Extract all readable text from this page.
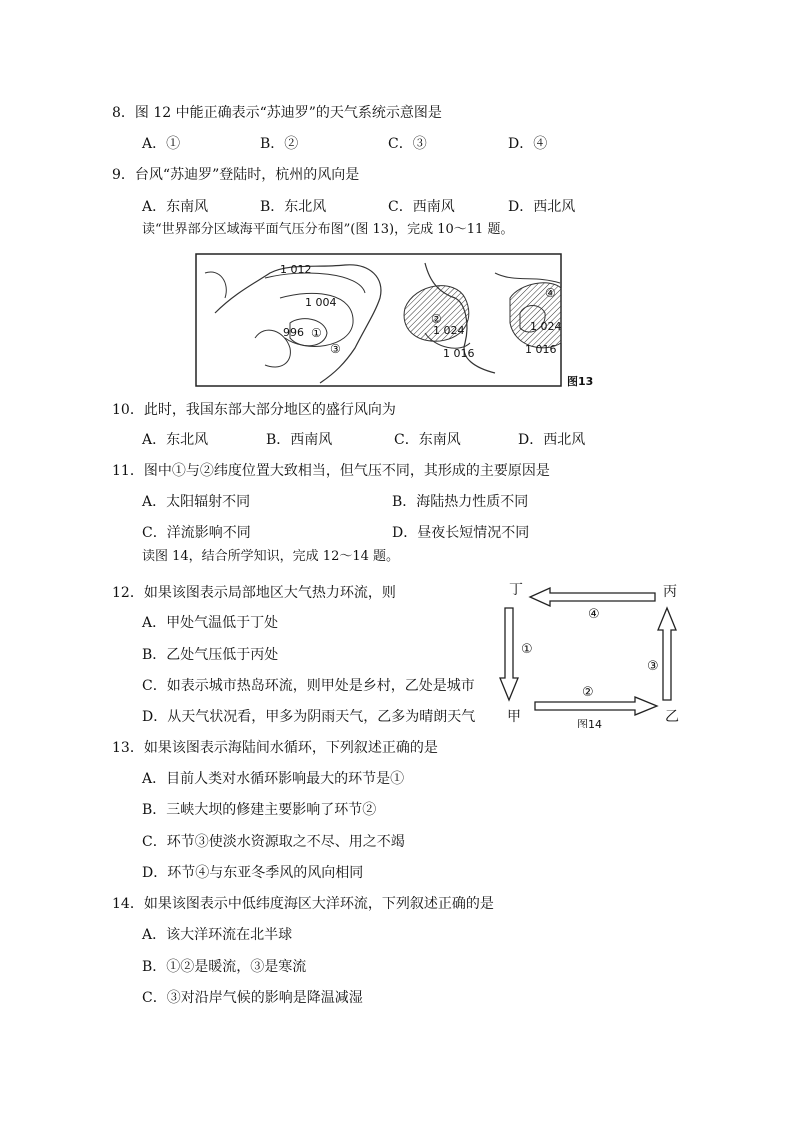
8．图 12 中能正确表示“苏迪罗”的天气系统示意图是
A．①	B．②	C．③	D．④
9．台风“苏迪罗”登陆时，杭州的风向是
A．东南风	B．东北风	C．西南风	D．西北风
读“世界部分区域海平面气压分布图”(图 13)，完成 10～11 题。
1 012
1 004
996 ①
②
1 024
1 016
③
④
1 024
1 016
图13
10．此时，我国东部大部分地区的盛行风向为
A．东北风	B．西南风	C．东南风	D．西北风
11．图中①与②纬度位置大致相当，但气压不同，其形成的主要原因是
A．太阳辐射不同	B．海陆热力性质不同
C．洋流影响不同	D．昼夜长短情况不同
读图 14，结合所学知识，完成 12～14 题。
丁	丙
甲	乙
④
①
③
②
图14
12．如果该图表示局部地区大气热力环流，则
A．甲处气温低于丁处
B．乙处气压低于丙处
C．如表示城市热岛环流，则甲处是乡村，乙处是城市
D．从天气状况看，甲多为阴雨天气，乙多为晴朗天气
13．如果该图表示海陆间水循环，下列叙述正确的是
A．目前人类对水循环影响最大的环节是①
B．三峡大坝的修建主要影响了环节②
C．环节③使淡水资源取之不尽、用之不竭
D．环节④与东亚冬季风的风向相同
14．如果该图表示中低纬度海区大洋环流，下列叙述正确的是
A．该大洋环流在北半球
B．①②是暖流，③是寒流
C．③对沿岸气候的影响是降温减湿
